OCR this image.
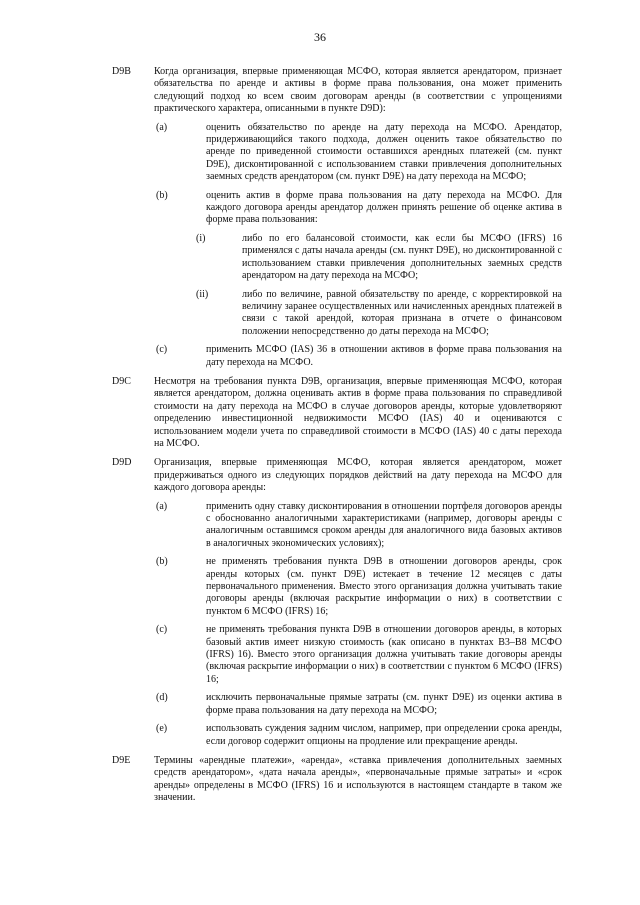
36
D9B	Когда организация, впервые применяющая МСФО, которая является арендатором, признает обязательства по аренде и активы в форме права пользования, она может применить следующий подход ко всем своим договорам аренды (в соответствии с упрощениями практического характера, описанными в пункте D9D):
(а)	оценить обязательство по аренде на дату перехода на МСФО. Арендатор, придерживающийся такого подхода, должен оценить такое обязательство по аренде по приведенной стоимости оставшихся арендных платежей (см. пункт D9E), дисконтированной с использованием ставки привлечения дополнительных заемных средств арендатором (см. пункт D9E) на дату перехода на МСФО;
(b)	оценить актив в форме права пользования на дату перехода на МСФО. Для каждого договора аренды арендатор должен принять решение об оценке актива в форме права пользования:
(i)	либо по его балансовой стоимости, как если бы МСФО (IFRS) 16 применялся с даты начала аренды (см. пункт D9E), но дисконтированной с использованием ставки привлечения дополнительных заемных средств арендатором на дату перехода на МСФО;
(ii)	либо по величине, равной обязательству по аренде, с корректировкой на величину заранее осуществленных или начисленных арендных платежей в связи с такой арендой, которая признана в отчете о финансовом положении непосредственно до даты перехода на МСФО;
(с)	применить МСФО (IAS) 36 в отношении активов в форме права пользования на дату перехода на МСФО.
D9C	Несмотря на требования пункта D9B, организация, впервые применяющая МСФО, которая является арендатором, должна оценивать актив в форме права пользования по справедливой стоимости на дату перехода на МСФО в случае договоров аренды, которые удовлетворяют определению инвестиционной недвижимости МСФО (IAS) 40 и оцениваются с использованием модели учета по справедливой стоимости в МСФО (IAS) 40 с даты перехода на МСФО.
D9D	Организация, впервые применяющая МСФО, которая является арендатором, может придерживаться одного из следующих порядков действий на дату перехода на МСФО для каждого договора аренды:
(а)	применить одну ставку дисконтирования в отношении портфеля договоров аренды с обоснованно аналогичными характеристиками (например, договоры аренды с аналогичным оставшимся сроком аренды для аналогичного вида базовых активов в аналогичных экономических условиях);
(b)	не применять требования пункта D9B в отношении договоров аренды, срок аренды которых (см. пункт D9E) истекает в течение 12 месяцев с даты первоначального применения. Вместо этого организация должна учитывать такие договоры аренды (включая раскрытие информации о них) в соответствии с пунктом 6 МСФО (IFRS) 16;
(с)	не применять требования пункта D9B в отношении договоров аренды, в которых базовый актив имеет низкую стоимость (как описано в пунктах B3–B8 МСФО (IFRS) 16). Вместо этого организация должна учитывать такие договоры аренды (включая раскрытие информации о них) в соответствии с пунктом 6 МСФО (IFRS) 16;
(d)	исключить первоначальные прямые затраты (см. пункт D9E) из оценки актива в форме права пользования на дату перехода на МСФО;
(е)	использовать суждения задним числом, например, при определении срока аренды, если договор содержит опционы на продление или прекращение аренды.
D9E	Термины «арендные платежи», «аренда», «ставка привлечения дополнительных заемных средств арендатором», «дата начала аренды», «первоначальные прямые затраты» и «срок аренды» определены в МСФО (IFRS) 16 и используются в настоящем стандарте в таком же значении.
